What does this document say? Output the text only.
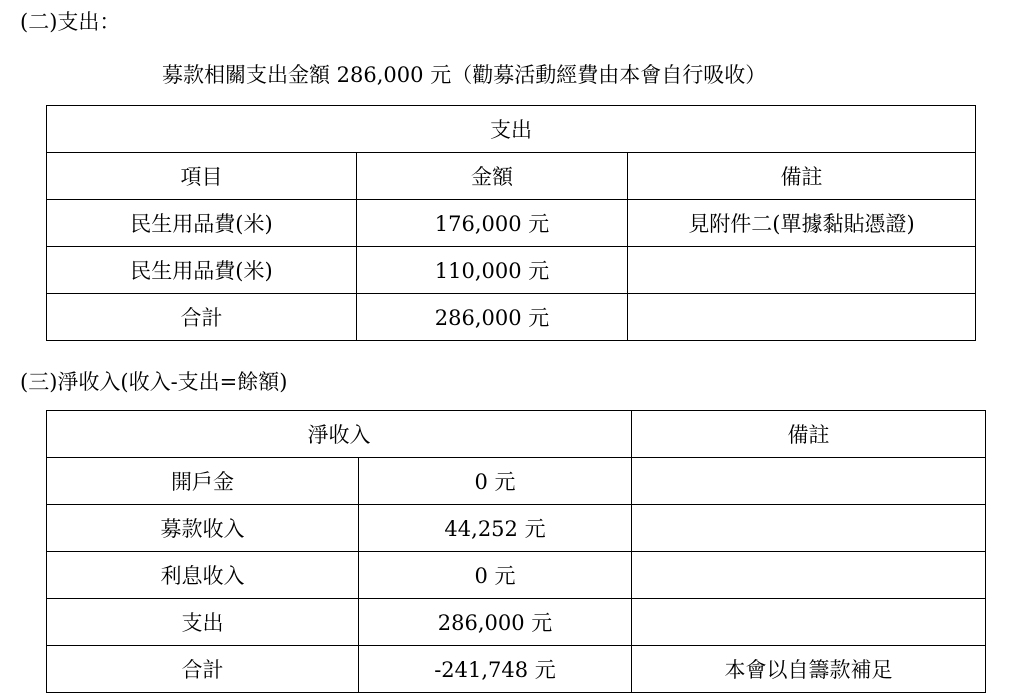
(二)支出：
募款相關支出金額 286,000 元（勸募活動經費由本會自行吸收）
支出		
項目	金額	備註
民生用品費(米)	176,000 元	見附件二(單據黏貼憑證)
民生用品費(米)	110,000 元	
合計	286,000 元	
(三)淨收入(收入-支出=餘額)
淨收入		備註
開戶金	0 元	
募款收入	44,252 元	
利息收入	0 元	
支出	286,000 元	
合計	-241,748 元	本會以自籌款補足
